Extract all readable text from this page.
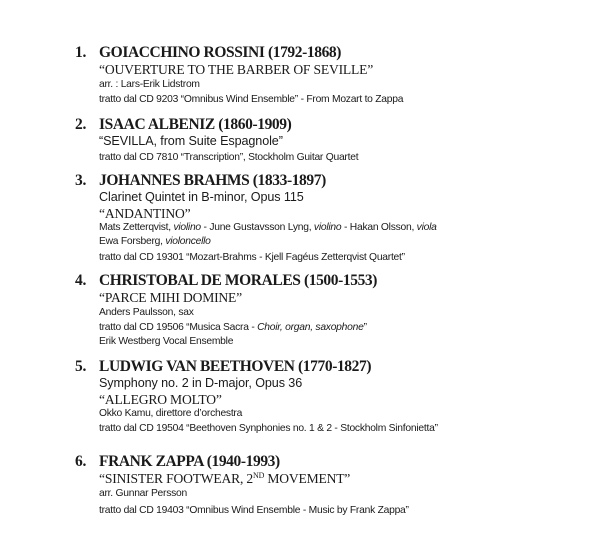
1. GOIACCHINO ROSSINI (1792-1868)
“OUVERTURE TO THE BARBER OF SEVILLE”
arr. : Lars-Erik Lidstrom
tratto dal CD 9203 “Omnibus Wind Ensemble” - From Mozart to Zappa
2. ISAAC ALBENIZ (1860-1909)
“SEVILLA, from Suite Espagnole”
tratto dal CD 7810 “Transcription”, Stockholm Guitar Quartet
3. JOHANNES BRAHMS (1833-1897)
Clarinet Quintet in B-minor, Opus 115
“ANDANTINO”
Mats Zetterqvist, violino - June Gustavsson Lyng, violino - Hakan Olsson, viola
Ewa Forsberg, violoncello
tratto dal CD 19301 “Mozart-Brahms - Kjell Fagéus Zetterqvist Quartet”
4. CHRISTOBAL DE MORALES (1500-1553)
“PARCE MIHI DOMINE”
Anders Paulsson, sax
tratto dal CD 19506 “Musica Sacra - Choir, organ, saxophone”
Erik Westberg Vocal Ensemble
5. LUDWIG VAN BEETHOVEN (1770-1827)
Symphony no. 2 in D-major, Opus 36
“ALLEGRO MOLTO”
Okko Kamu, direttore d’orchestra
tratto dal CD 19504 “Beethoven Synphonies no. 1 & 2 - Stockholm Sinfonietta”
6. FRANK ZAPPA (1940-1993)
“SINISTER FOOTWEAR, 2ND MOVEMENT”
arr. Gunnar Persson
tratto dal CD 19403 “Omnibus Wind Ensemble - Music by Frank Zappa”
